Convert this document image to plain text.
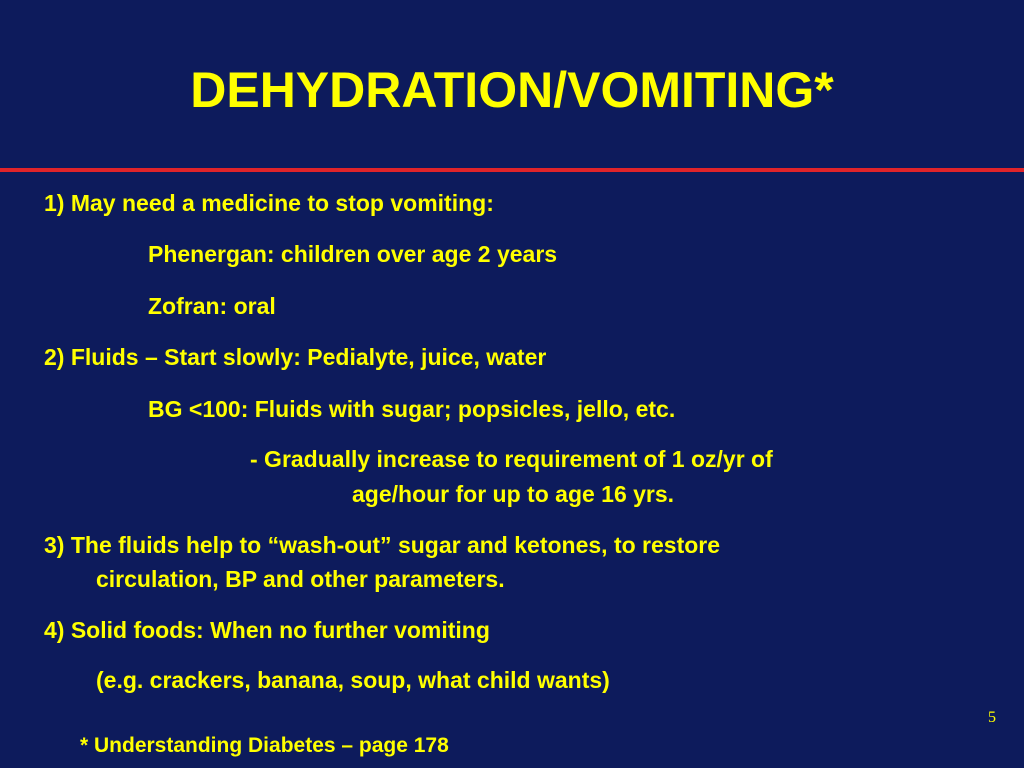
DEHYDRATION/VOMITING*
1) May need a medicine to stop vomiting:
Phenergan: children over age 2 years
Zofran: oral
2) Fluids – Start slowly: Pedialyte, juice, water
BG <100: Fluids with sugar; popsicles, jello, etc.
- Gradually increase to requirement of 1 oz/yr of
age/hour for up to age 16 yrs.
3) The fluids help to “wash-out” sugar and ketones, to restore
circulation, BP and other parameters.
4) Solid foods: When no further vomiting
(e.g. crackers, banana, soup, what child wants)
* Understanding Diabetes – page 178
5
